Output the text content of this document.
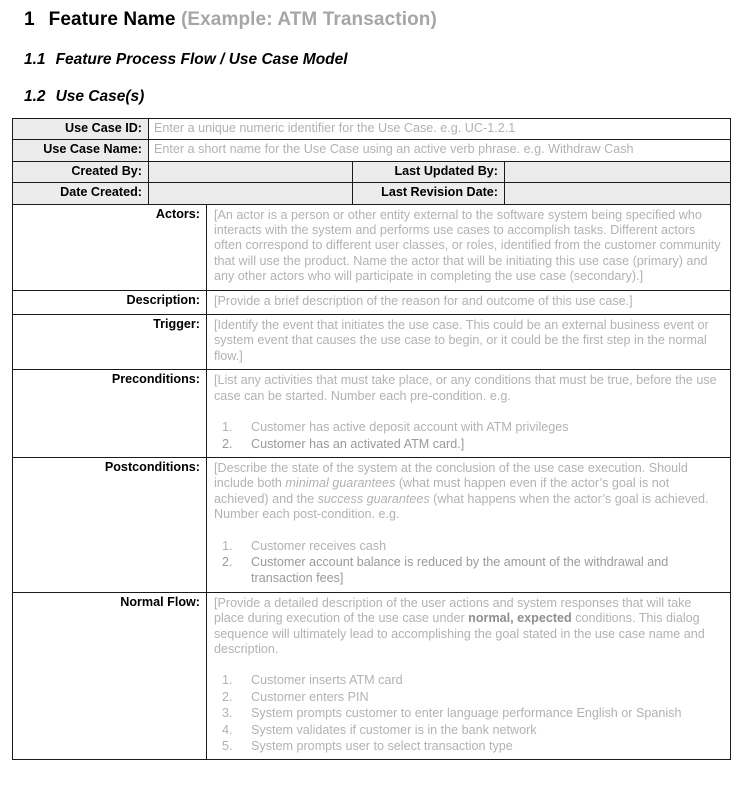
1 Feature Name (Example: ATM Transaction)
1.1 Feature Process Flow / Use Case Model
1.2 Use Case(s)
Use Case ID:	Enter a unique numeric identifier for the Use Case. e.g. UC-1.2.1			
Use Case Name:	Enter a short name for the Use Case using an active verb phrase. e.g. Withdraw Cash			
Created By:			Last Updated By:	
Date Created:			Last Revision Date:	
Actors:		[An actor is a person or other entity external to the software system being specified who interacts with the system and performs use cases to accomplish tasks. Different actors often correspond to different user classes, or roles, identified from the customer community that will use the product. Name the actor that will be initiating this use case (primary) and any other actors who will participate in completing the use case (secondary).]		

Description:		[Provide a brief description of the reason for and outcome of this use case.]		

Trigger:		[Identify the event that initiates the use case. This could be an external business event or system event that causes the use case to begin, or it could be the first step in the normal flow.]		

Preconditions:	[List any activities that must take place, or any conditions that must be true, before the use case can be started. Number each pre-condition. e.g.

1.	Customer has active deposit account with ATM privileges
2.	Customer has an activated ATM card.]

Postconditions:	[Describe the state of the system at the conclusion of the use case execution. Should include both minimal guarantees (what must happen even if the actor’s goal is not achieved) and the success guarantees (what happens when the actor’s goal is achieved. Number each post-condition. e.g.

1.	Customer receives cash
2.	Customer account balance is reduced by the amount of the withdrawal and transaction fees]

Normal Flow:	[Provide a detailed description of the user actions and system responses that will take place during execution of the use case under normal, expected conditions. This dialog sequence will ultimately lead to accomplishing the goal stated in the use case name and description.

1.	Customer inserts ATM card
2.	Customer enters PIN
3.	System prompts customer to enter language performance English or Spanish
4.	System validates if customer is in the bank network
5.	System prompts user to select transaction type
